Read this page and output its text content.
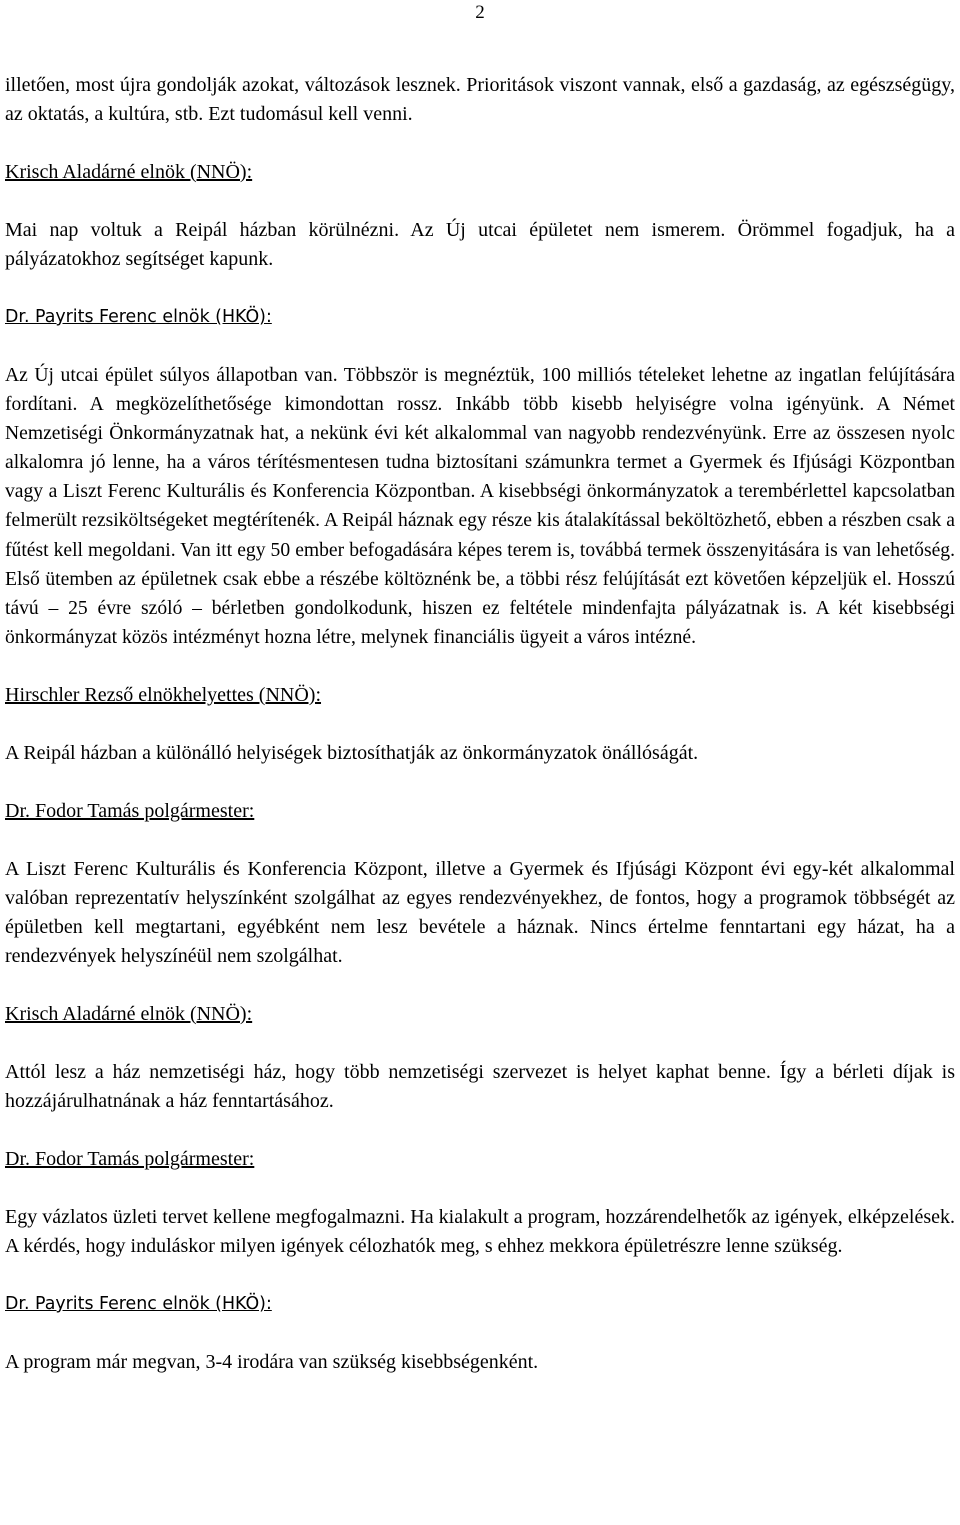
2

illetően, most újra gondolják azokat, változások lesznek. Prioritások viszont vannak, első a gazdaság, az egészségügy, az oktatás, a kultúra, stb. Ezt tudomásul kell venni.

Krisch Aladárné elnök (NNÖ):

Mai nap voltuk a Reipál házban körülnézni. Az Új utcai épületet nem ismerem. Örömmel fogadjuk, ha a pályázatokhoz segítséget kapunk.

Dr. Payrits Ferenc elnök (HKÖ):

Az Új utcai épület súlyos állapotban van. Többször is megnéztük, 100 milliós tételeket lehetne az ingatlan felújítására fordítani. A megközelíthetősége kimondottan rossz. Inkább több kisebb helyiségre volna igényünk. A Német Nemzetiségi Önkormányzatnak hat, a nekünk évi két alkalommal van nagyobb rendezvényünk. Erre az összesen nyolc alkalomra jó lenne, ha a város térítésmentesen tudna biztosítani számunkra termet a Gyermek és Ifjúsági Központban vagy a Liszt Ferenc Kulturális és Konferencia Központban. A kisebbségi önkormányzatok a terembérlettel kapcsolatban felmerült rezsiköltségeket megtérítenék. A Reipál háznak egy része kis átalakítással beköltözhető, ebben a részben csak a fűtést kell megoldani. Van itt egy 50 ember befogadására képes terem is, továbbá termek összenyitására is van lehetőség. Első ütemben az épületnek csak ebbe a részébe költöznénk be, a többi rész felújítását ezt követően képzeljük el. Hosszú távú – 25 évre szóló – bérletben gondolkodunk, hiszen ez feltétele mindenfajta pályázatnak is. A két kisebbségi önkormányzat közös intézményt hozna létre, melynek financiális ügyeit a város intézné.

Hirschler Rezső elnökhelyettes (NNÖ):

A Reipál házban a különálló helyiségek biztosíthatják az önkormányzatok önállóságát.

Dr. Fodor Tamás polgármester:

A Liszt Ferenc Kulturális és Konferencia Központ, illetve a Gyermek és Ifjúsági Központ évi egy-két alkalommal valóban reprezentatív helyszínként szolgálhat az egyes rendezvényekhez, de fontos, hogy a programok többségét az épületben kell megtartani, egyébként nem lesz bevétele a háznak. Nincs értelme fenntartani egy házat, ha a rendezvények helyszínéül nem szolgálhat.

Krisch Aladárné elnök (NNÖ):

Attól lesz a ház nemzetiségi ház, hogy több nemzetiségi szervezet is helyet kaphat benne. Így a bérleti díjak is hozzájárulhatnának a ház fenntartásához.

Dr. Fodor Tamás polgármester:

Egy vázlatos üzleti tervet kellene megfogalmazni. Ha kialakult a program, hozzárendelhetők az igények, elképzelések. A kérdés, hogy induláskor milyen igények célozhatók meg, s ehhez mekkora épületrészre lenne szükség.

Dr. Payrits Ferenc elnök (HKÖ):

A program már megvan, 3-4 irodára van szükség kisebbségenként.
